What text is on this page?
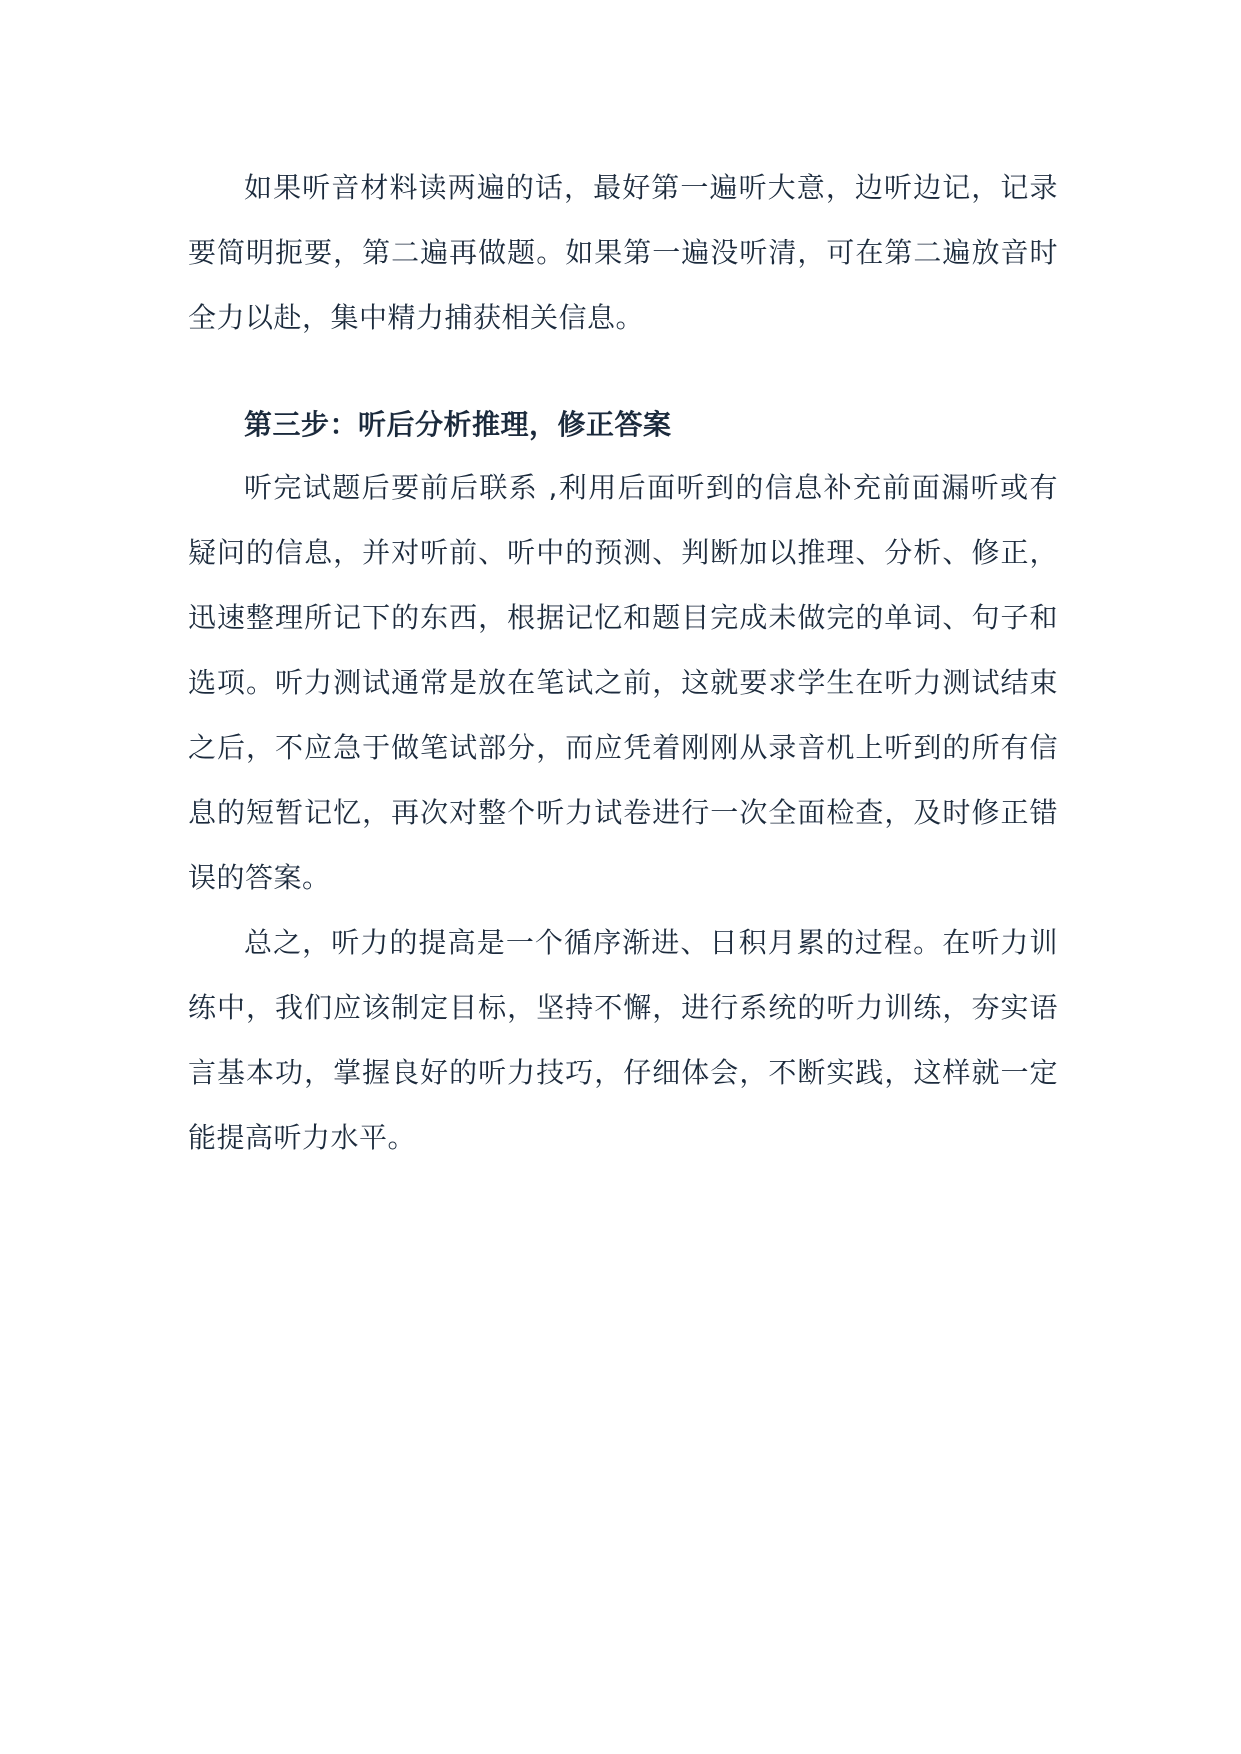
如果听音材料读两遍的话，最好第一遍听大意，边听边记，记录要简明扼要，第二遍再做题。如果第一遍没听清，可在第二遍放音时全力以赴，集中精力捕获相关信息。

第三步：听后分析推理，修正答案

听完试题后要前后联系 ,利用后面听到的信息补充前面漏听或有疑问的信息，并对听前、听中的预测、判断加以推理、分析、修正，迅速整理所记下的东西，根据记忆和题目完成未做完的单词、句子和选项。听力测试通常是放在笔试之前，这就要求学生在听力测试结束之后，不应急于做笔试部分，而应凭着刚刚从录音机上听到的所有信息的短暂记忆，再次对整个听力试卷进行一次全面检查，及时修正错误的答案。

总之，听力的提高是一个循序渐进、日积月累的过程。在听力训练中，我们应该制定目标，坚持不懈，进行系统的听力训练，夯实语言基本功，掌握良好的听力技巧，仔细体会，不断实践，这样就一定能提高听力水平。
